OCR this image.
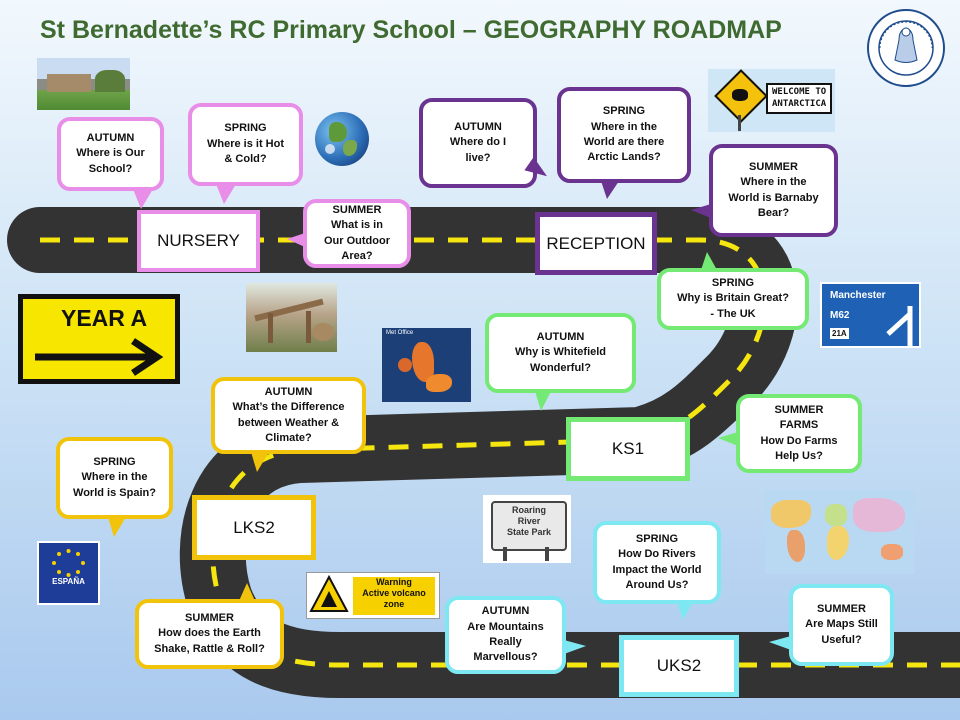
St Bernadette’s RC Primary School – GEOGRAPHY ROADMAP
YEAR A
NURSERY	RECEPTION
KS1
LKS2
UKS2
AUTUMN
Where is Our
School?
SPRING
Where is it Hot
& Cold?
SUMMER
What is in
Our Outdoor
Area?
AUTUMN
Where do I
live?
SPRING
Where in the
World are there
Arctic Lands?
SUMMER
Where in the
World is Barnaby
Bear?
SPRING
Why is Britain Great?
- The UK
AUTUMN
Why is Whitefield
Wonderful?
SUMMER
FARMS
How Do Farms
Help Us?
AUTUMN
What’s the Difference
between Weather &
Climate?
SPRING
Where in the
World is Spain?
SUMMER
How does the Earth
Shake, Rattle & Roll?
AUTUMN
Are Mountains
Really
Marvellous?
SPRING
How Do Rivers
Impact the World
Around Us?
SUMMER
Are Maps Still
Useful?
WELCOME TO
ANTARCTICA
Manchester
M62
21A
Met Office
Roaring
River
State Park
ESPAÑA	Warning
Active volcano
zone
